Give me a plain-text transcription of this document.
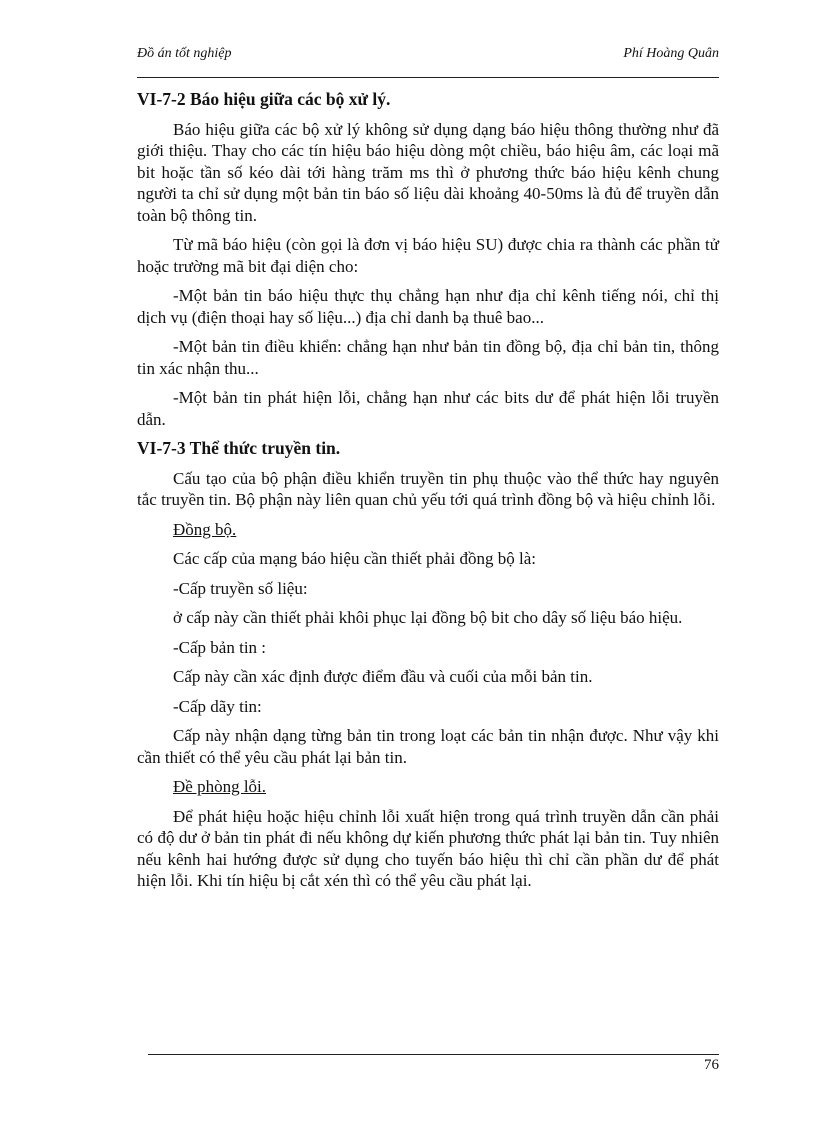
Đồ án tốt nghiệp	Phí Hoàng Quân
VI-7-2 Báo hiệu giữa các bộ xử lý.

Báo hiệu giữa các bộ xử lý không sử dụng dạng báo hiệu thông thường như đã giới thiệu. Thay cho các tín hiệu báo hiệu dòng một chiều, báo hiệu âm, các loại mã bit hoặc tần số kéo dài tới hàng trăm ms thì ở phương thức báo hiệu kênh chung người ta chỉ sử dụng một bản tin báo số liệu dài khoảng 40-50ms là đủ để truyền dẫn toàn bộ thông tin.

Từ mã báo hiệu (còn gọi là đơn vị báo hiệu SU) được chia ra thành các phần tử hoặc trường mã bit đại diện cho:

-Một bản tin báo hiệu thực thụ chẳng hạn như địa chỉ kênh tiếng nói, chỉ thị dịch vụ (điện thoại hay số liệu...) địa chỉ danh bạ thuê bao...

-Một bản tin điều khiển: chẳng hạn như bản tin đồng bộ, địa chỉ bản tin, thông tin xác nhận thu...

-Một bản tin phát hiện lỗi, chẳng hạn như các bits dư để phát hiện lỗi truyền dẫn.

VI-7-3 Thể thức truyền tin.

Cấu tạo của bộ phận điều khiển truyền tin phụ thuộc vào thể thức hay nguyên tắc truyền tin. Bộ phận này liên quan chủ yếu tới quá trình đồng bộ và hiệu chỉnh lỗi.

Đồng bộ.

Các cấp của mạng báo hiệu cần thiết phải đồng bộ là:

-Cấp truyền số liệu:

ở cấp này cần thiết phải khôi phục lại đồng bộ bit cho dây số liệu báo hiệu.

-Cấp bản tin :

Cấp này cần xác định được điểm đầu và cuối của mỗi bản tin.

-Cấp dãy tin:

Cấp này nhận dạng từng bản tin trong loạt các bản tin nhận được. Như vậy khi cần thiết có thể yêu cầu phát lại bản tin.

Đề phòng lỗi.

Để phát hiệu hoặc hiệu chỉnh lỗi xuất hiện trong quá trình truyền dẫn cần phải có độ dư ở bản tin phát đi nếu không dự kiến phương thức phát lại bản tin. Tuy nhiên nếu kênh hai hướng được sử dụng cho tuyến báo hiệu thì chỉ cần phần dư để phát hiện lỗi. Khi tín hiệu bị cắt xén thì có thể yêu cầu phát lại.

76
